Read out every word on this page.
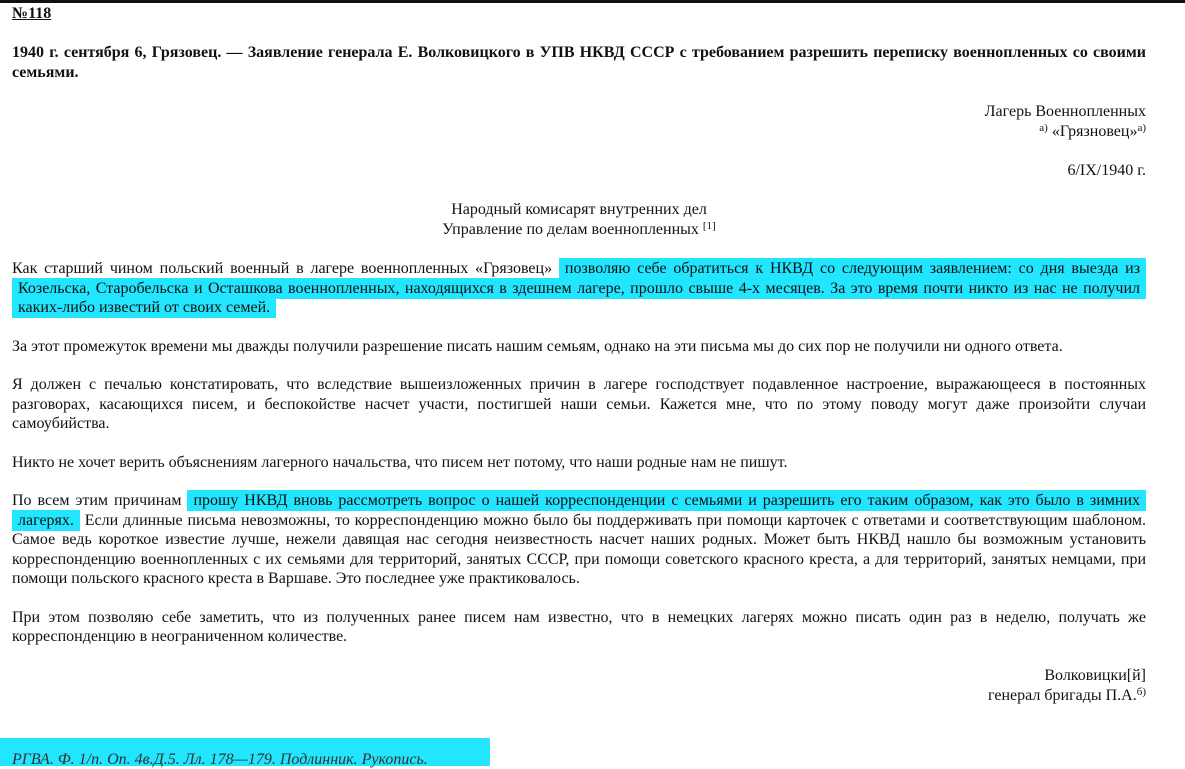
№118

1940 г. сентября 6, Грязовец. — Заявление генерала Е. Волковицкого в УПВ НКВД СССР с требованием разрешить переписку военнопленных со своими семьями.

Лагерь Военнопленных

$^{а)}$ «Грязновец»$^{а)}$

6/IX/1940 г.

Народный комисарят внутренних дел

Управление по делам военнопленных [1]

Как старший чином польский военный в лагере военнопленных «Грязовец» позволяю себе обратиться к НКВД со следующим заявлением: со дня выезда из Козельска, Старобельска и Осташкова военнопленных, находящихся в здешнем лагере, прошло свыше 4-х месяцев. За это время почти никто из нас не получил каких-либо известий от своих семей.

За этот промежуток времени мы дважды получили разрешение писать нашим семьям, однако на эти письма мы до сих пор не получили ни одного ответа.

Я должен с печалью констатировать, что вследствие вышеизложенных причин в лагере господствует подавленное настроение, выражающееся в постоянных разговорах, касающихся писем, и беспокойстве насчет участи, постигшей наши семьи. Кажется мне, что по этому поводу могут даже произойти случаи самоубийства.

Никто не хочет верить объяснениям лагерного начальства, что писем нет потому, что наши родные нам не пишут.

По всем этим причинам прошу НКВД вновь рассмотреть вопрос о нашей корреспонденции с семьями и разрешить его таким образом, как это было в зимних лагерях. Если длинные письма невозможны, то корреспонденцию можно было бы поддерживать при помощи карточек с ответами и соответствующим шаблоном. Самое ведь короткое известие лучше, нежели давящая нас сегодня неизвестность насчет наших родных. Может быть НКВД нашло бы возможным установить корреспонденцию военнопленных с их семьями для территорий, занятых СССР, при помощи советского красного креста, а для территорий, занятых немцами, при помощи польского красного креста в Варшаве. Это последнее уже практиковалось.

При этом позволяю себе заметить, что из полученных ранее писем нам известно, что в немецких лагерях можно писать один раз в неделю, получать же корреспонденцию в неограниченном количестве.

Волковицки[й]

генерал бригады П.А.$^{б)}$

РГВА. Ф. 1/п. Оп. 4в.Д.5. Лл. 178—179. Подлинник. Рукопись.
